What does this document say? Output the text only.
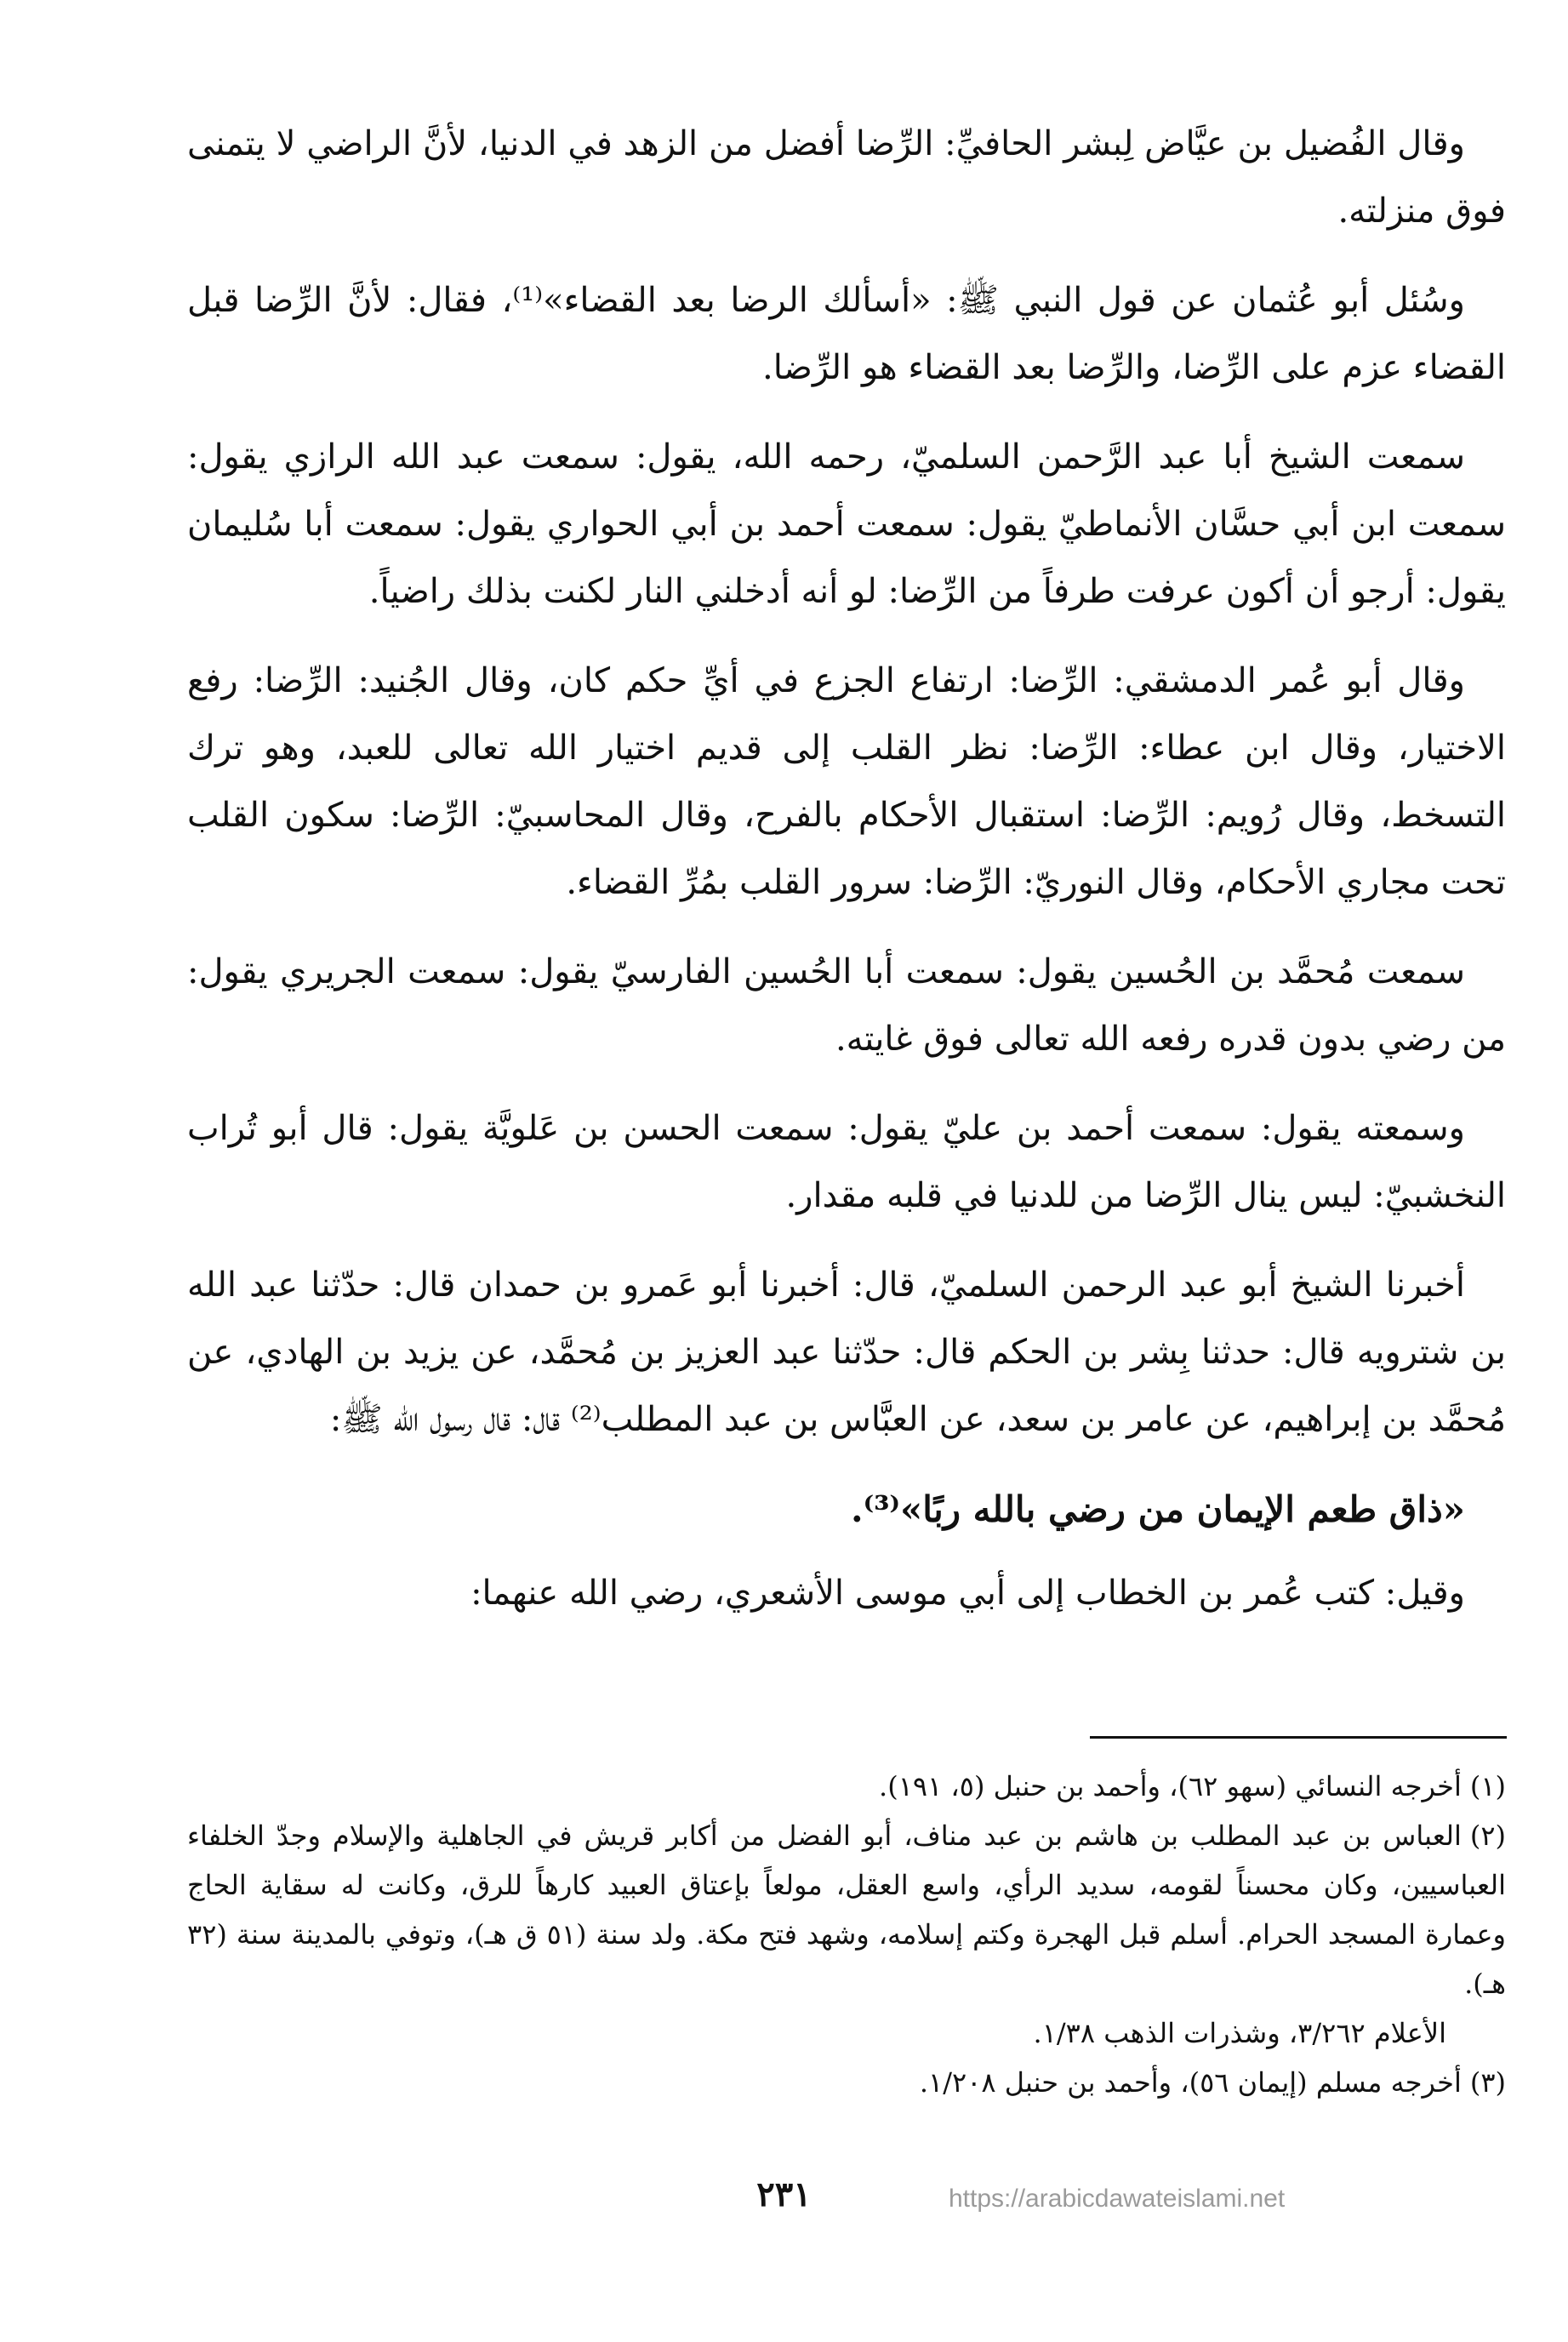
وقال الفُضيل بن عيَّاض لِبشر الحافيِّ: الرِّضا أفضل من الزهد في الدنيا، لأنَّ الراضي لا يتمنى فوق منزلته.

وسُئل أبو عُثمان عن قول النبي ﷺ: «أسألك الرضا بعد القضاء»⁽¹⁾، فقال: لأنَّ الرِّضا قبل القضاء عزم على الرِّضا، والرِّضا بعد القضاء هو الرِّضا.

سمعت الشيخ أبا عبد الرَّحمن السلميّ، رحمه الله، يقول: سمعت عبد الله الرازي يقول: سمعت ابن أبي حسَّان الأنماطيّ يقول: سمعت أحمد بن أبي الحواري يقول: سمعت أبا سُليمان يقول: أرجو أن أكون عرفت طرفاً من الرِّضا: لو أنه أدخلني النار لكنت بذلك راضياً.

وقال أبو عُمر الدمشقي: الرِّضا: ارتفاع الجزع في أيِّ حكم كان، وقال الجُنيد: الرِّضا: رفع الاختيار، وقال ابن عطاء: الرِّضا: نظر القلب إلى قديم اختيار الله تعالى للعبد، وهو ترك التسخط، وقال رُويم: الرِّضا: استقبال الأحكام بالفرح، وقال المحاسبيّ: الرِّضا: سكون القلب تحت مجاري الأحكام، وقال النوريّ: الرِّضا: سرور القلب بمُرِّ القضاء.

سمعت مُحمَّد بن الحُسين يقول: سمعت أبا الحُسين الفارسيّ يقول: سمعت الجريري يقول: من رضي بدون قدره رفعه الله تعالى فوق غايته.

وسمعته يقول: سمعت أحمد بن عليّ يقول: سمعت الحسن بن عَلويَّة يقول: قال أبو تُراب النخشبيّ: ليس ينال الرِّضا من للدنيا في قلبه مقدار.

أخبرنا الشيخ أبو عبد الرحمن السلميّ، قال: أخبرنا أبو عَمرو بن حمدان قال: حدّثنا عبد الله بن شترويه قال: حدثنا بِشر بن الحكم قال: حدّثنا عبد العزيز بن مُحمَّد، عن يزيد بن الهادي، عن مُحمَّد بن إبراهيم، عن عامر بن سعد، عن العبَّاس بن عبد المطلب⁽²⁾ قال: قال رسول الله ﷺ:

«ذاق طعم الإيمان من رضي بالله ربًا»⁽³⁾.

وقيل: كتب عُمر بن الخطاب إلى أبي موسى الأشعري، رضي الله عنهما:

(١)أخرجه النسائي (سهو ٦٢)، وأحمد بن حنبل (٥، ١٩١).

(٢)العباس بن عبد المطلب بن هاشم بن عبد مناف، أبو الفضل من أكابر قريش في الجاهلية والإسلام وجدّ الخلفاء العباسيين، وكان محسناً لقومه، سديد الرأي، واسع العقل، مولعاً بإعتاق العبيد كارهاً للرق، وكانت له سقاية الحاج وعمارة المسجد الحرام. أسلم قبل الهجرة وكتم إسلامه، وشهد فتح مكة. ولد سنة (٥١ ق هـ)، وتوفي بالمدينة سنة (٣٢ هـ).

الأعلام ٣/٢٦٢، وشذرات الذهب ١/٣٨.

(٣)أخرجه مسلم (إيمان ٥٦)، وأحمد بن حنبل ١/٢٠٨.

٢٣١	https://arabicdawateislami.net
